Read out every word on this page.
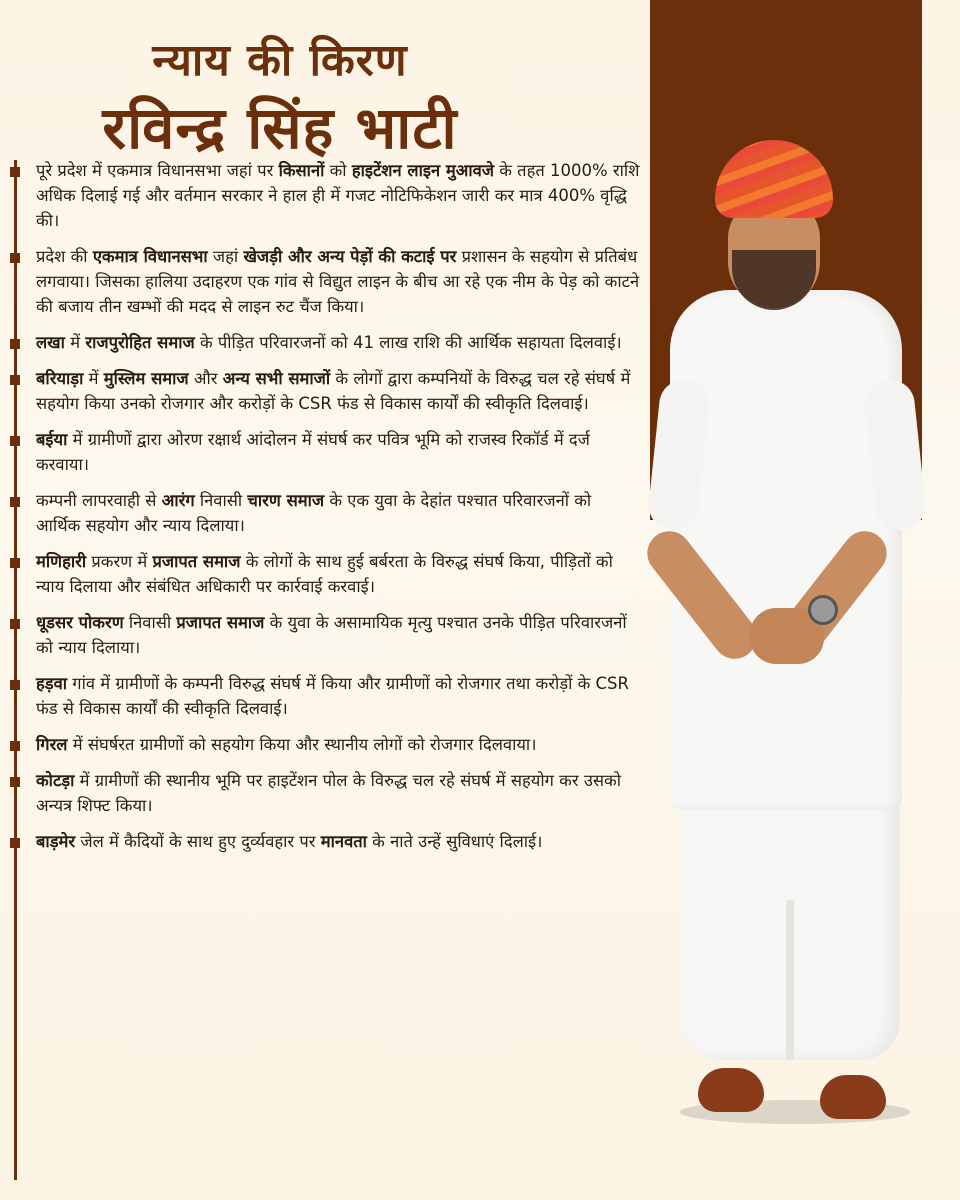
न्याय की किरण
रविन्द्र सिंह भाटी

पूरे प्रदेश में एकमात्र विधानसभा जहां पर किसानों को हाइटेंशन लाइन मुआवजे के तहत 1000% राशि अधिक दिलाई गई और वर्तमान सरकार ने हाल ही में गजट नोटिफिकेशन जारी कर मात्र 400% वृद्धि की।

प्रदेश की एकमात्र विधानसभा जहां खेजड़ी और अन्य पेड़ों की कटाई पर प्रशासन के सहयोग से प्रतिबंध लगवाया। जिसका हालिया उदाहरण एक गांव से विद्युत लाइन के बीच आ रहे एक नीम के पेड़ को काटने की बजाय तीन खम्भों की मदद से लाइन रुट चैंज किया।

लखा में राजपुरोहित समाज के पीड़ित परिवारजनों को 41 लाख राशि की आर्थिक सहायता दिलवाई।

बरियाड़ा में मुस्लिम समाज और अन्य सभी समाजों के लोगों द्वारा कम्पनियों के विरुद्ध चल रहे संघर्ष में सहयोग किया उनको रोजगार और करोड़ों के CSR फंड से विकास कार्यों की स्वीकृति दिलवाई।

बईया में ग्रामीणों द्वारा ओरण रक्षार्थ आंदोलन में संघर्ष कर पवित्र भूमि को राजस्व रिकॉर्ड में दर्ज करवाया।

कम्पनी लापरवाही से आरंग निवासी चारण समाज के एक युवा के देहांत पश्चात परिवारजनों को आर्थिक सहयोग और न्याय दिलाया।

मणिहारी प्रकरण में प्रजापत समाज के लोगों के साथ हुई बर्बरता के विरुद्ध संघर्ष किया, पीड़ितों को न्याय दिलाया और संबंधित अधिकारी पर कार्रवाई करवाई।

धूडसर पोकरण निवासी प्रजापत समाज के युवा के असामायिक मृत्यु पश्चात उनके पीड़ित परिवारजनों को न्याय दिलाया।

हड़वा गांव में ग्रामीणों के कम्पनी विरुद्ध संघर्ष में किया और ग्रामीणों को रोजगार तथा करोड़ों के CSR फंड से विकास कार्यों की स्वीकृति दिलवाई।

गिरल में संघर्षरत ग्रामीणों को सहयोग किया और स्थानीय लोगों को रोजगार दिलवाया।

कोटड़ा में ग्रामीणों की स्थानीय भूमि पर हाइटेंशन पोल के विरुद्ध चल रहे संघर्ष में सहयोग कर उसको अन्यत्र शिफ्ट किया।

बाड़मेर जेल में कैदियों के साथ हुए दुर्व्यवहार पर मानवता के नाते उन्हें सुविधाएं दिलाई।
